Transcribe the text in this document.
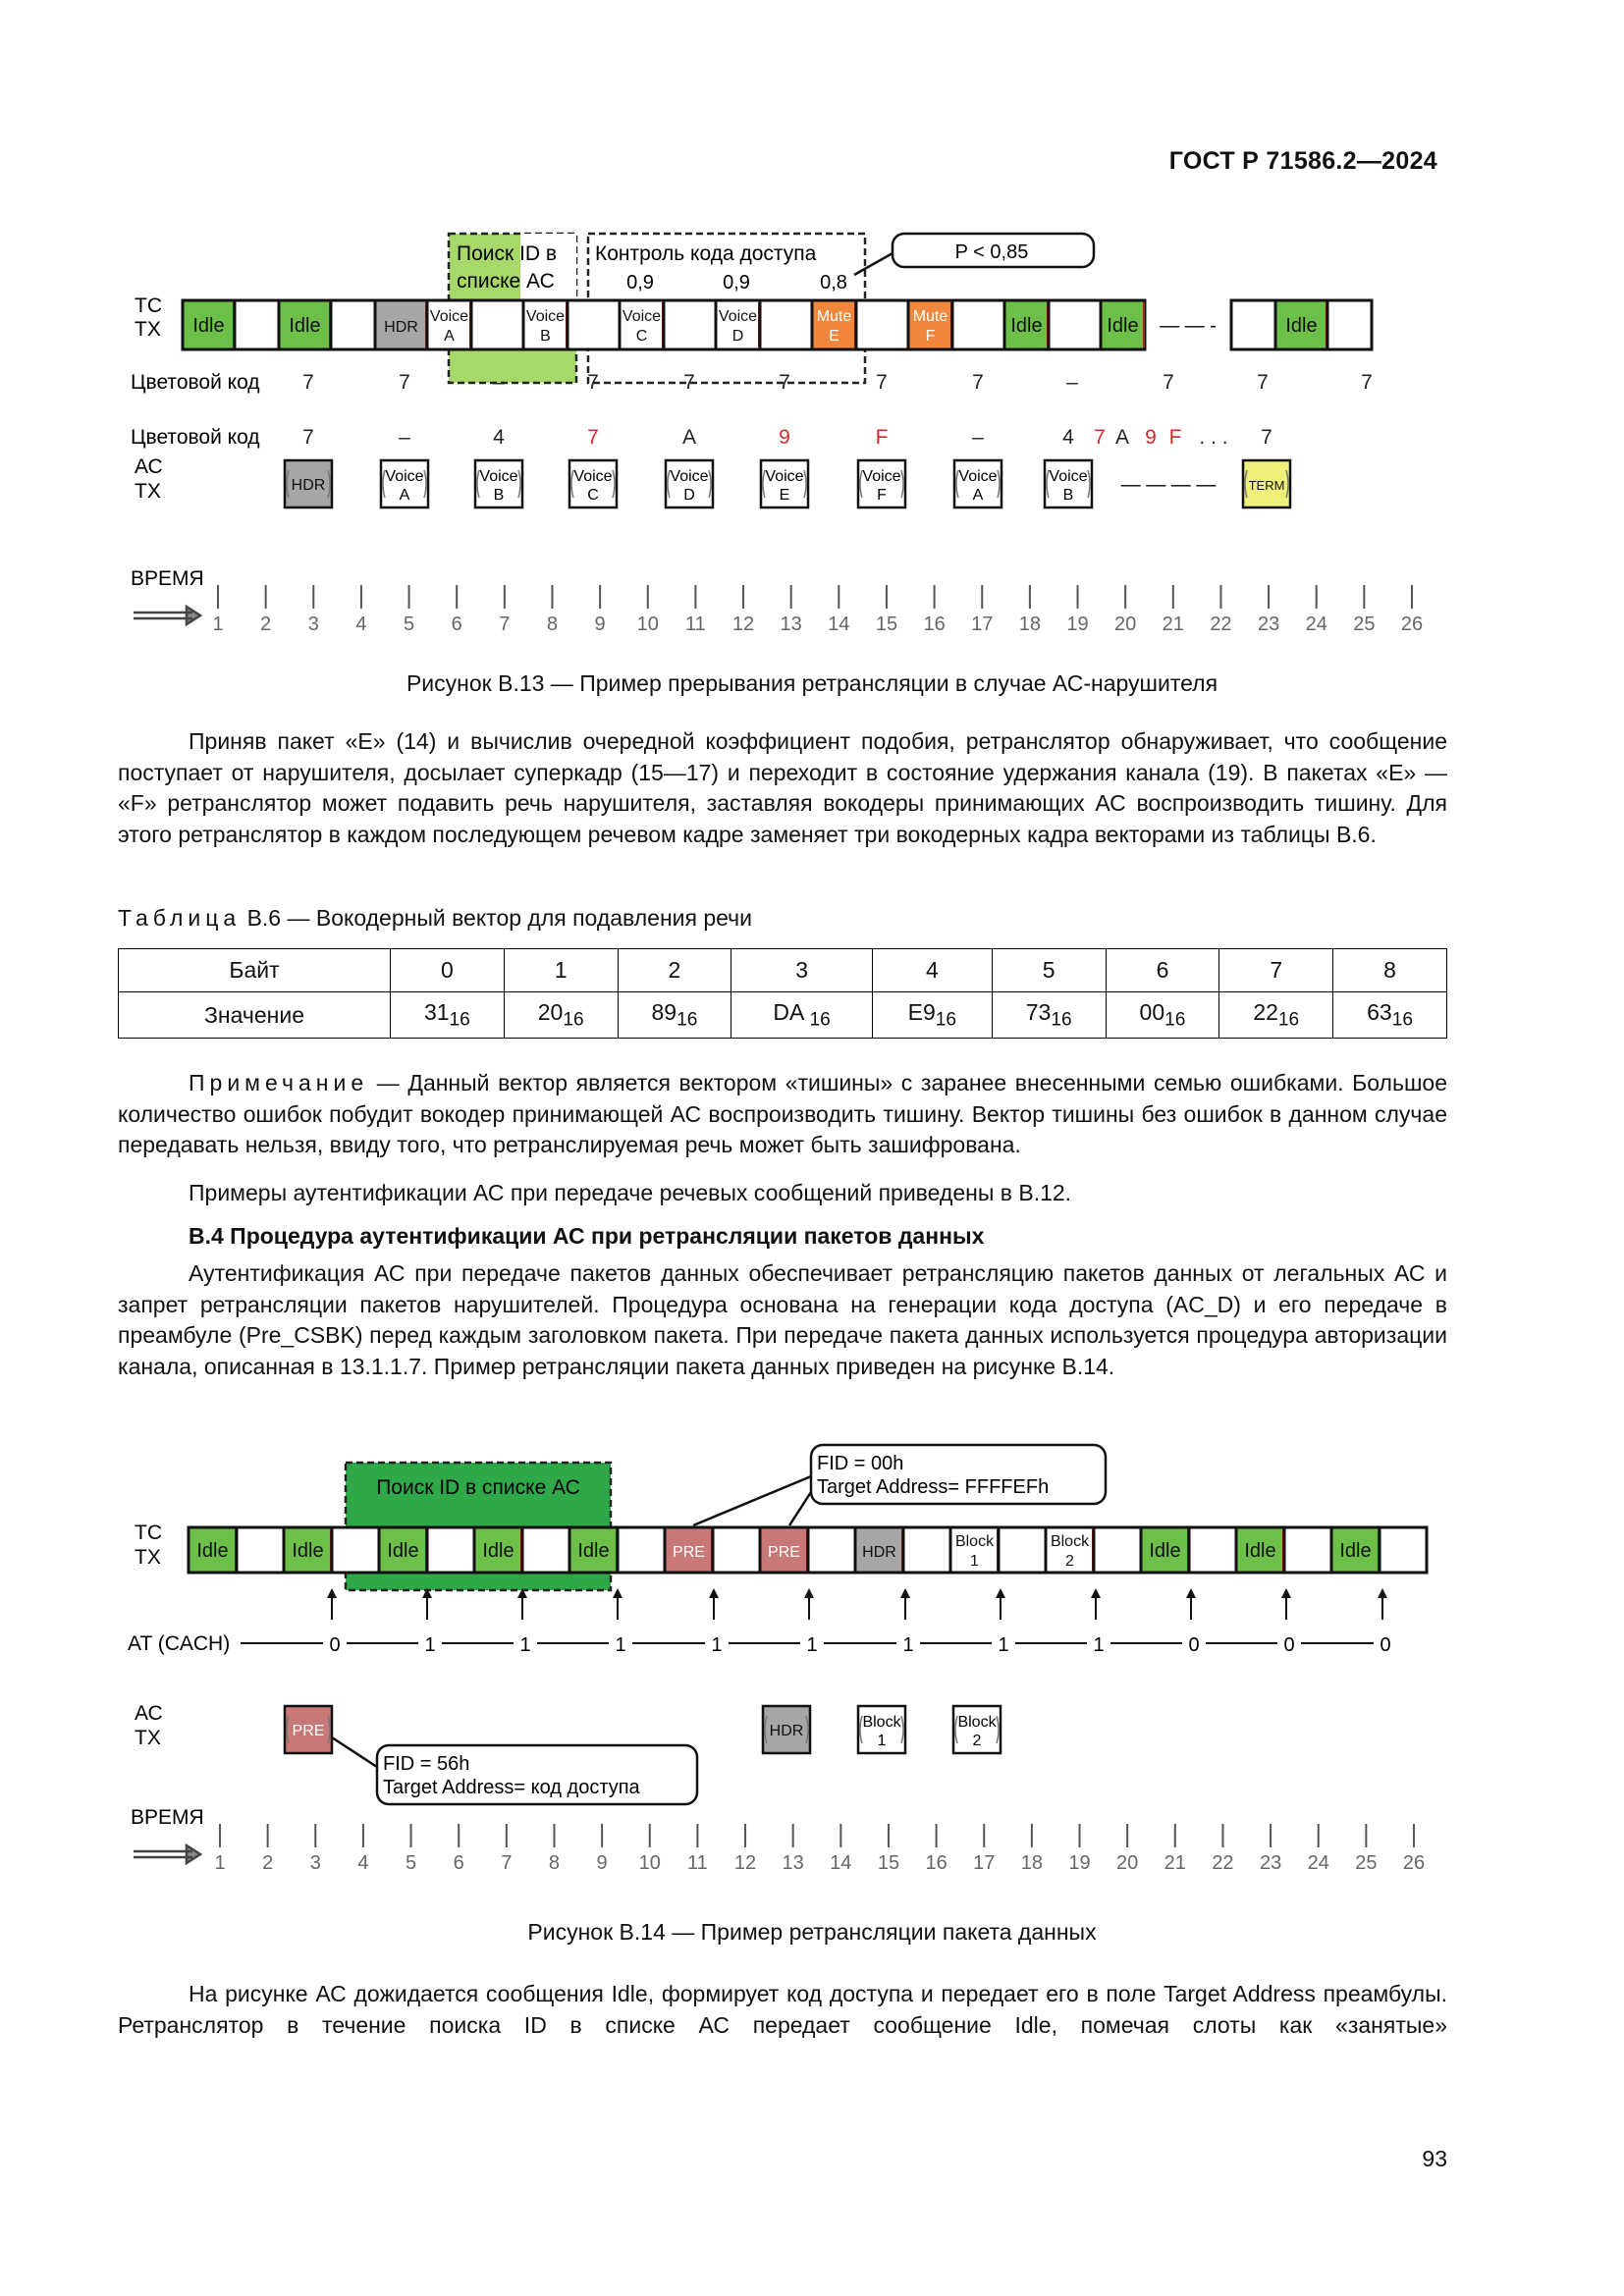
ГОСТ Р 71586.2—2024
Поиск ID в
списке АС
Контроль кода доступа
0,9	0,9	0,8
P < 0,85
ТС
ТХ Idle	Idle	HDR
Voice
A
Voice
B
Voice
C
Voice
D
Mute
E
Mute
F	Idle	Idle — — -	Idle
Цветовой код 7	7	–	7	7	7	7	7	–	7	7	7
Цветовой код 7	–	4	7	А	9	F	–	4 7 А 9 F . . . 7
АС
ТХ	HDR
Voice
A
Voice
B
Voice
C
Voice
D
Voice
E
Voice
F
Voice
A
Voice
B
TERM
— — — —
ВРЕМЯ
1 2 3 4 5 6 7 8 9 10 11 12 13 14 15 16 17 18 19 20 21 22 23 24 25 26
Рисунок В.13 — Пример прерывания ретрансляции в случае АС-нарушителя
Приняв пакет «Е» (14) и вычислив очередной коэффициент подобия, ретранслятор обнаруживает, что сообщение поступает от нарушителя, досылает суперкадр (15—17) и переходит в состояние удержания канала (19). В пакетах «Е» — «F» ретранслятор может подавить речь нарушителя, заставляя вокодеры принимающих АС воспроизводить тишину. Для этого ретранслятор в каждом последующем речевом кадре заменяет три вокодерных кадра векторами из таблицы В.6.
Таблица В.6 — Вокодерный вектор для подавления речи
Байт	0	1	2	3	4	5	6	7	8
Значение	$31_{16}$	$20_{16}$	$89_{16}$	DA $_{16}$	$E9_{16}$	$73_{16}$	$00_{16}$	$22_{16}$	$63_{16}$
Примечание — Данный вектор является вектором «тишины» с заранее внесенными семью ошибками. Большое количество ошибок побудит вокодер принимающей АС воспроизводить тишину. Вектор тишины без ошибок в данном случае передавать нельзя, ввиду того, что ретранслируемая речь может быть зашифрована.
Примеры аутентификации АС при передаче речевых сообщений приведены в В.12.
В.4 Процедура аутентификации АС при ретрансляции пакетов данных
Аутентификация АС при передаче пакетов данных обеспечивает ретрансляцию пакетов данных от легальных АС и запрет ретрансляции пакетов нарушителей. Процедура основана на генерации кода доступа (AC_D) и его передаче в преамбуле (Pre_CSBK) перед каждым заголовком пакета. При передаче пакета данных используется процедура авторизации канала, описанная в 13.1.1.7. Пример ретрансляции пакета данных приведен на рисунке В.14.
Поиск ID в списке АС
FID = 00h
Target Address= FFFFEFh
ТС
ТХ Idle	Idle	Idle	Idle	Idle	PRE	PRE	HDR
Block
1
Block
2	Idle	Idle	Idle
AT (CACH)	0	1	1	1	1	1	1	1	1	0	0	0
АС
ТХ	PRE	HDR
Block
1
Block
2
FID = 56h
Target Address= код доступа
ВРЕМЯ
1 2 3 4 5 6 7 8 9 10 11 12 13 14 15 16 17 18 19 20 21 22 23 24 25 26
Рисунок В.14 — Пример ретрансляции пакета данных
На рисунке АС дожидается сообщения Idle, формирует код доступа и передает его в поле Target Address преамбулы. Ретранслятор в течение поиска ID в списке АС передает сообщение Idle, помечая слоты как «занятые»
93
